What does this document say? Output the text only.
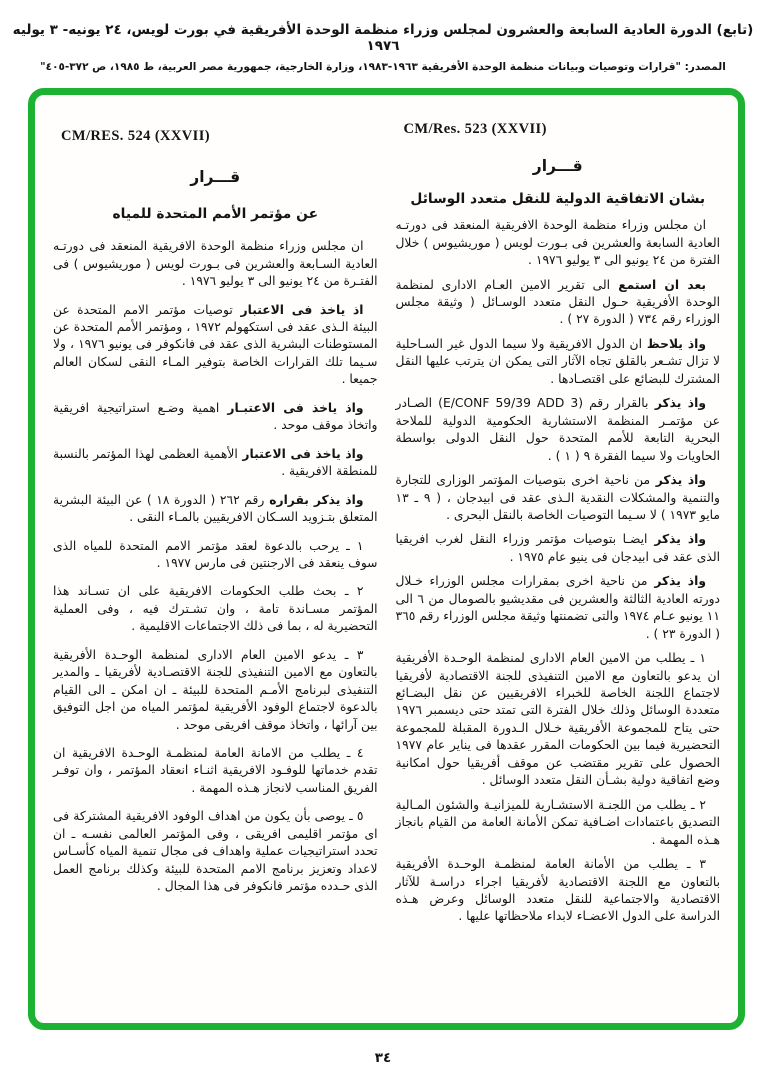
(تابع) الدورة العادية السابعة والعشرون لمجلس وزراء منظمة الوحدة الأفريقية في بورت لويس، ٢٤ يونيه- ٣ يوليه ١٩٧٦
المصدر: "قرارات وتوصيات وبيانات منظمة الوحدة الأفريقية ١٩٦٣-١٩٨٣، وزارة الخارجية، جمهورية مصر العربية، ط ١٩٨٥، ص ٣٧٢-٤٠٥"
CM/Res. 523 (XXVII)
قـــرار
بشان الاتفاقية الدولية للنقل متعدد الوسائل

ان مجلس وزراء منظمة الوحدة الافريقية المنعقد فى دورتـه العادية السابعة والعشرين فى بـورت لويس ( موريشيوس ) خلال الفترة من ٢٤ يونيو الى ٣ يوليو ١٩٧٦ .

بعد ان استمع الى تقرير الامين العـام الادارى لمنظمة الوحدة الأفريقية حـول النقل متعدد الوسـائل ( وثيقة مجلس الوزراء رقم ٧٣٤ ( الدورة ٢٧ ) .

واذ يلاحظ ان الدول الافريقية ولا سيما الدول غير السـاحلية لا تزال تشـعر بالقلق تجاه الآثار التى يمكن ان يترتب عليها النقل المشترك للبضائع على اقتصـادها .

واذ يذكر بالقرار رقم (E/CONF 59/39 ADD 3) الصـادر عن مؤتمـر المنظمة الاستشارية الحكومية الدولية للملاحة البحرية التابعة للأمم المتحدة حول النقل الدولى بواسطة الحاويات ولا سيما الفقرة ٩ ( ١ ) .

واذ يذكر من ناحية اخرى بتوصيات المؤتمر الوزارى للتجارة والتنمية والمشكلات النقدية الـذى عقد فى ابيدجان ، ( ٩ ـ ١٣ مايو ١٩٧٣ ) لا سـيما التوصيات الخاصة بالنقل البحرى .

واذ يذكر ايضـا بتوصيات مؤتمر وزراء النقل لغرب افريقيا الذى عقد فى ابيدجان فى ينيو عام ١٩٧٥ .

واذ يذكر من ناحية اخرى بمقرارات مجلس الوزراء خـلال دورته العادية الثالثة والعشرين فى مقديشيو بالصومال من ٦ الى ١١ يونيو عـام ١٩٧٤ والتى تضمنتها وثيقة مجلس الوزراء رقم ٣٦٥ ( الدورة ٢٣ ) .

١ ـ يطلب من الامين العام الادارى لمنظمة الوحـدة الأفريقية ان يدعو بالتعاون مع الامين التنفيذى للجنة الاقتصادية لأفريقيا لاجتماع اللجنة الخاصة للخبراء الافريقيين عن نقل البضـائع متعددة الوسائل وذلك خلال الفترة التى تمتد حتى ديسمبر ١٩٧٦ حتى يتاح للمجموعة الأفريقية خـلال الـدورة المقبلة للمجموعة التحضيرية فيما بين الحكومات المقرر عقدها فى يناير عام ١٩٧٧ الحصول على تقرير مقتضب عن موقف أفريقيا حول امكانية وضع اتفاقية دولية بشـأن النقل متعدد الوسائل .

٢ ـ يطلب من اللجنـة الاستشـارية للميزانيـة والشئون المـالية التصديق باعتمادات اضـافية تمكن الأمانة العامة من القيام بانجاز هـذه المهمة .

٣ ـ يطلب من الأمانة العامة لمنظمـة الوحـدة الأفريقية بالتعاون مع اللجنة الاقتصادية لأفريقيا اجراء دراسـة للآثار الاقتصادية والاجتماعية للنقل متعدد الوسائل وعرض هـذه الدراسة على الدول الاعضـاء لابداء ملاحظاتها عليها .

CM/RES. 524 (XXVII)
قـــرار
عن مؤتمر الأمم المتحدة للمياه

ان مجلس وزراء منظمة الوحدة الافريقية المنعقد فى دورتـه العادية السـابعة والعشرين فى بـورت لويس ( موريشيوس ) فى الفتـرة من ٢٤ يونيو الى ٣ يوليو ١٩٧٦ .

اذ ياخذ فى الاعتبار توصيات مؤتمر الامم المتحدة عن البيئة الـذى عقد فى استكهولم ١٩٧٢ ، ومؤتمر الأمم المتحدة عن المستوطنات البشرية الذى عقد فى فانكوفر فى يونيو ١٩٧٦ ، ولا سـيما تلك القرارات الخاصة بتوفير المـاء النقى لسكان العالم جميعا .

واذ ياخذ فى الاعتبـار اهمية وضـع استراتيجية افريقية واتخاذ موقف موحد .

واذ ياخذ فى الاعتبار الأهمية العظمى لهذا المؤتمر بالنسبة للمنطقة الافريقية .

واذ يذكر بقراره رقم ٢٦٢ ( الدورة ١٨ ) عن البيئة البشرية المتعلق بتـزويد السـكان الافريقيين بالمـاء النقى .

١ ـ يرحب بالدعوة لعقد مؤتمر الامم المتحدة للمياه الذى سوف ينعقد فى الارجنتين فى مارس ١٩٧٧ .

٢ ـ بحث طلب الحكومات الافريقية على ان تسـاند هذا المؤتمر مسـاندة تامة ، وان تشـترك فيه ، وفى العملية التحضيرية له ، بما فى ذلك الاجتماعات الاقليمية .

٣ ـ يدعو الامين العام الادارى لمنظمة الوحـدة الأفريقية بالتعاون مع الامين التنفيذى للجنة الاقتصـادية لأفريقيا ـ والمدير التنفيذى لبرنامج الأمـم المتحدة للبيئة ـ ان امكن ـ الى القيام بالدعوة لاجتماع الوفود الأفريقية لمؤتمر المياه من اجل التوفيق بين آرائها ، واتخاذ موقف افريقى موحد .

٤ ـ يطلب من الامانة العامة لمنظمـة الوحـدة الافريقية ان تقدم خدماتها للوفـود الافريقية اثنـاء انعقاد المؤتمر ، وان توفـر الفريق المناسب لانجاز هـذه المهمة .

٥ ـ يوصى بأن يكون من اهداف الوفود الافريقية المشتركة فى اى مؤتمر اقليمى افريقى ، وفى المؤتمر العالمى نفسـه ـ ان تحدد استراتيجيات عملية واهداف فى مجال تنمية المياه كأسـاس لاعداد وتعزيز برنامج الامم المتحدة للبيئة وكذلك برنامج العمل الذى حـدده مؤتمر فانكوفر فى هذا المجال .

٣٤
